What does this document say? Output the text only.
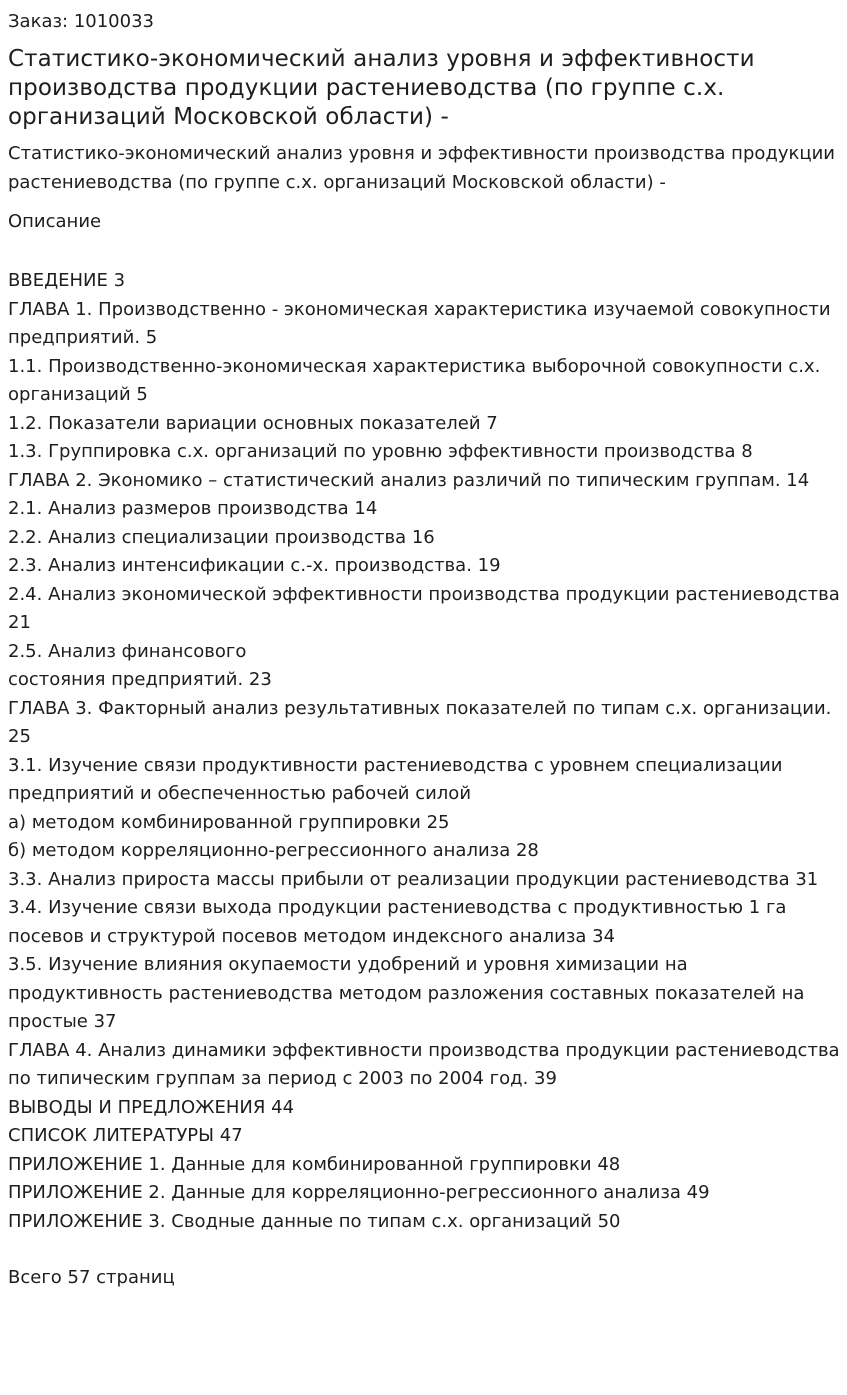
Заказ: 1010033
Статистико-экономический анализ уровня и эффективности производства продукции растениеводства (по группе с.х. организаций Московской области) -
Статистико-экономический анализ уровня и эффективности производства продукции растениеводства (по группе с.х. организаций Московской области) -
Описание
ВВЕДЕНИЕ 3
ГЛАВА 1. Производственно - экономическая характеристика изучаемой совокупности предприятий. 5
1.1. Производственно-экономическая характеристика выборочной совокупности с.х. организаций 5
1.2. Показатели вариации основных показателей 7
1.3. Группировка с.х. организаций по уровню эффективности производства 8
ГЛАВА 2. Экономико – статистический анализ различий по типическим группам. 14
2.1. Анализ размеров производства 14
2.2. Анализ специализации производства 16
2.3. Анализ интенсификации с.-х. производства. 19
2.4. Анализ экономической эффективности производства продукции растениеводства 21
2.5. Анализ финансового
состояния предприятий. 23
ГЛАВА 3. Факторный анализ результативных показателей по типам с.х. организации. 25
3.1. Изучение связи продуктивности растениеводства с уровнем специализации предприятий и обеспеченностью рабочей силой
а) методом комбинированной группировки 25
б) методом корреляционно-регрессионного анализа 28
3.3. Анализ прироста массы прибыли от реализации продукции растениеводства 31
3.4. Изучение связи выхода продукции растениеводства с продуктивностью 1 га посевов и структурой посевов методом индексного анализа 34
3.5. Изучение влияния окупаемости удобрений и уровня химизации на продуктивность растениеводства методом разложения составных показателей на простые 37
ГЛАВА 4. Анализ динамики эффективности производства продукции растениеводства по типическим группам за период с 2003 по 2004 год. 39
ВЫВОДЫ И ПРЕДЛОЖЕНИЯ 44
СПИСОК ЛИТЕРАТУРЫ 47
ПРИЛОЖЕНИЕ 1. Данные для комбинированной группировки 48
ПРИЛОЖЕНИЕ 2. Данные для корреляционно-регрессионного анализа 49
ПРИЛОЖЕНИЕ 3. Сводные данные по типам с.х. организаций 50
Всего 57 страниц
